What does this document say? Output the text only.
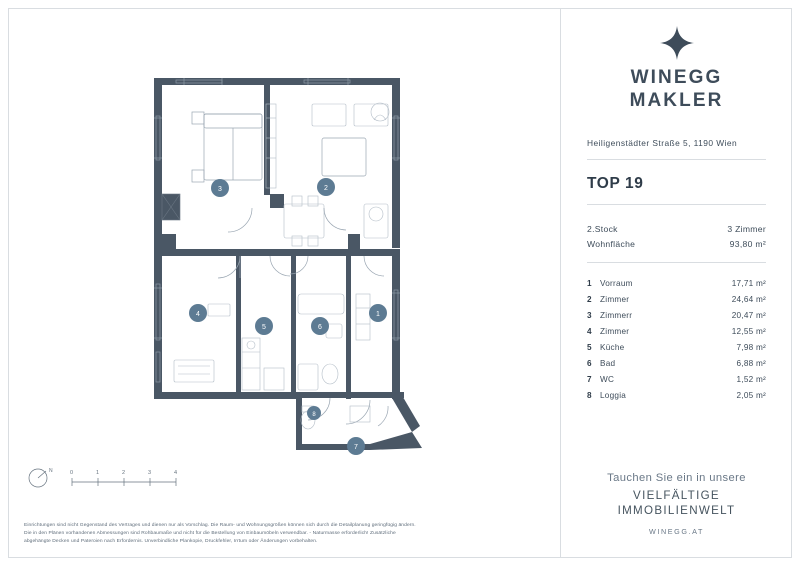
1
2
3
4
5	6
7
8
N	0	1	2	3	4

Einrichtungen sind nicht Gegenstand des Vertrages und dienen nur als Vorschlag. Die Raum- und Wohnungsgrößen können sich durch die Detailplanung geringfügig ändern.

Die in den Plänen vorhandenen Abmessungen sind Rohbaumaße und nicht für die Bestellung von Einbaumöbeln verwendbar. - Naturmasse erforderlich! Zusätzliche

abgehängte Decken und Pateroien nach Erfordernis. Unverbindliche Plankopie, Druckfehler, Irrtum oder Änderungen vorbehalten.

WINEGG
MAKLER
Heiligenstädter Straße 5, 1190 Wien
TOP 19
2.Stock	3 Zimmer
Wohnfläche	93,80 m²
1 Vorraum	17,71 m²
2 Zimmer	24,64 m²
3 Zimmerr	20,47 m²
4 Zimmer	12,55 m²
5 Küche	7,98 m²
6 Bad	6,88 m²
7 WC	1,52 m²
8 Loggia	2,05 m²
Tauchen Sie ein in unsere
VIELFÄLTIGE
IMMOBILIENWELT
WINEGG.AT
